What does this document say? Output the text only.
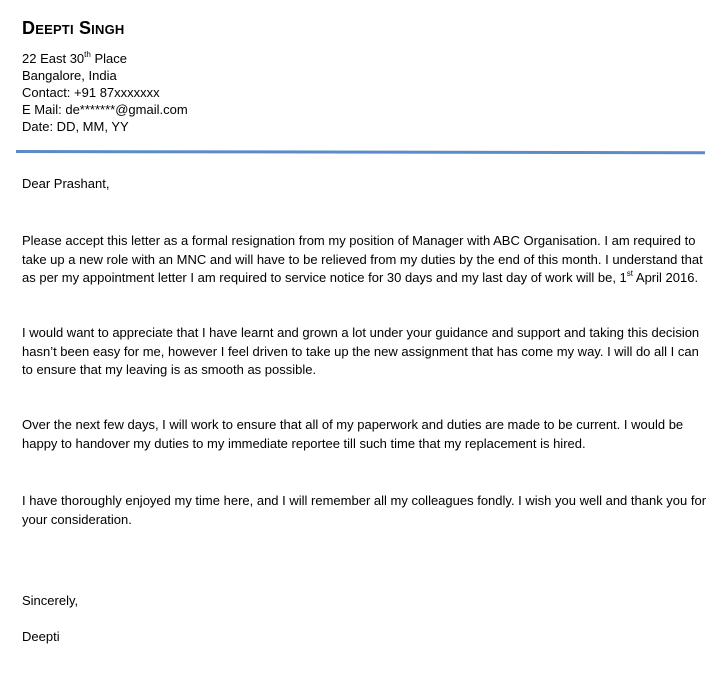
Deepti Singh
22 East 30th Place
Bangalore, India
Contact: +91 87xxxxxxx
E Mail: de*******@gmail.com
Date: DD, MM, YY
Dear Prashant,
Please accept this letter as a formal resignation from my position of Manager with ABC Organisation. I am required to take up a new role with an MNC and will have to be relieved from my duties by the end of this month. I understand that as per my appointment letter I am required to service notice for 30 days and my last day of work will be, 1st April 2016.
I would want to appreciate that I have learnt and grown a lot under your guidance and support and taking this decision hasn’t been easy for me, however I feel driven to take up the new assignment that has come my way. I will do all I can to ensure that my leaving is as smooth as possible.
Over the next few days, I will work to ensure that all of my paperwork and duties are made to be current. I would be happy to handover my duties to my immediate reportee till such time that my replacement is hired.
I have thoroughly enjoyed my time here, and I will remember all my colleagues fondly. I wish you well and thank you for your consideration.
Sincerely,
Deepti
